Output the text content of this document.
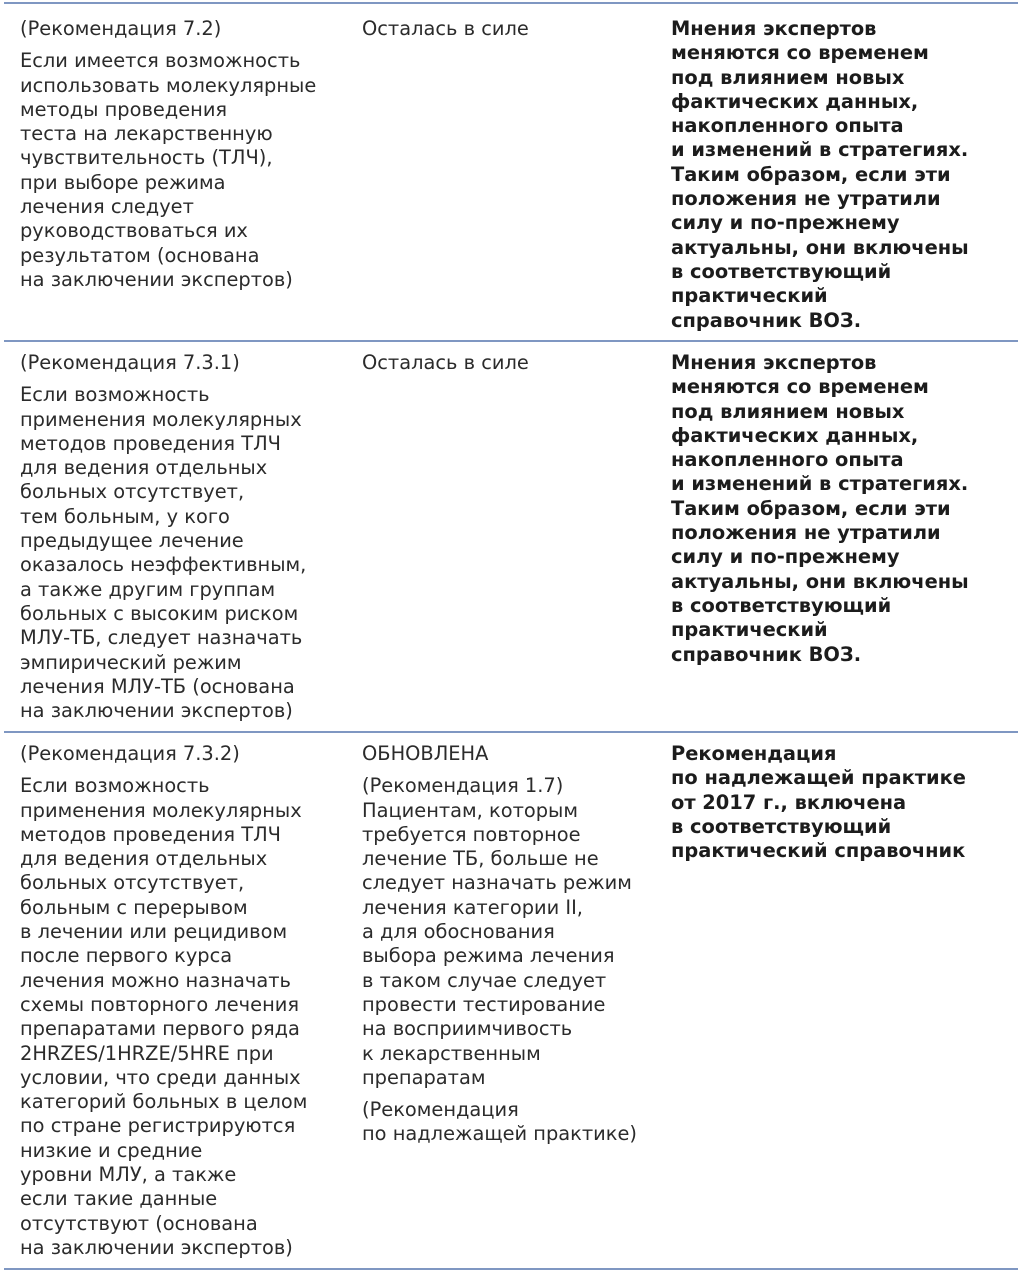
(Рекомендация 7.2)
Если имеется возможность
использовать молекулярные
методы проведения
теста на лекарственную
чувствительность (ТЛЧ),
при выборе режима
лечения следует
руководствоваться их
результатом (основана
на заключении экспертов)
Осталась в силе	Мнения экспертов
меняются со временем
под влиянием новых
фактических данных,
накопленного опыта
и изменений в стратегиях.
Таким образом, если эти
положения не утратили
силу и по-прежнему
актуальны, они включены
в соответствующий
практический
справочник ВОЗ.
(Рекомендация 7.3.1)
Если возможность
применения молекулярных
методов проведения ТЛЧ
для ведения отдельных
больных отсутствует,
тем больным, у кого
предыдущее лечение
оказалось неэффективным,
а также другим группам
больных с высоким риском
МЛУ-ТБ, следует назначать
эмпирический режим
лечения МЛУ-ТБ (основана
на заключении экспертов)
Осталась в силе	Мнения экспертов
меняются со временем
под влиянием новых
фактических данных,
накопленного опыта
и изменений в стратегиях.
Таким образом, если эти
положения не утратили
силу и по-прежнему
актуальны, они включены
в соответствующий
практический
справочник ВОЗ.
(Рекомендация 7.3.2)
Если возможность
применения молекулярных
методов проведения ТЛЧ
для ведения отдельных
больных отсутствует,
больным с перерывом
в лечении или рецидивом
после первого курса
лечения можно назначать
схемы повторного лечения
препаратами первого ряда
2HRZES/1HRZE/5HRE при
условии, что среди данных
категорий больных в целом
по стране регистрируются
низкие и средние
уровни МЛУ, а также
если такие данные
отсутствуют (основана
на заключении экспертов)
ОБНОВЛЕНА
(Рекомендация 1.7)
Пациентам, которым
требуется повторное
лечение ТБ, больше не
следует назначать режим
лечения категории II,
а для обоснования
выбора режима лечения
в таком случае следует
провести тестирование
на восприимчивость
к лекарственным
препаратам
(Рекомендация
по надлежащей практике)
Рекомендация
по надлежащей практике
от 2017 г., включена
в соответствующий
практический справочник
